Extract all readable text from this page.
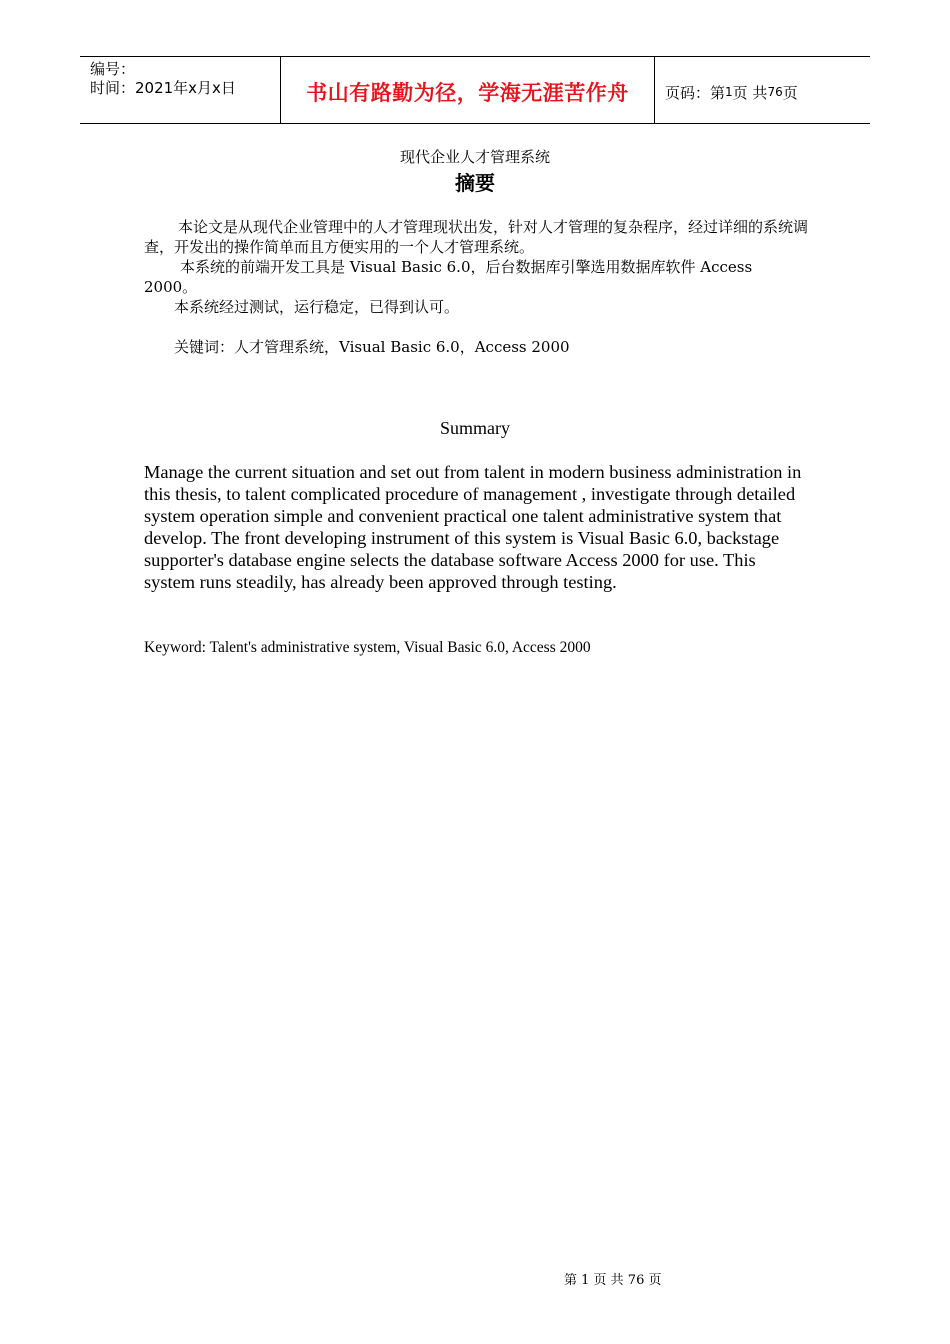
编号：
时间：2021年x月x日	书山有路勤为径，学海无涯苦作舟 页码：第 1 页 共 76 页
现代企业人才管理系统
摘要

本论文是从现代企业管理中的人才管理现状出发，针对人才管理的复杂程序，经过详细的系统调查，开发出的操作简单而且方便实用的一个人才管理系统。

本系统的前端开发工具是 Visual Basic 6.0，后台数据库引擎选用数据库软件 Access 2000。

本系统经过测试，运行稳定，已得到认可。

关键词：人才管理系统，Visual Basic 6.0，Access 2000

Summary

Manage the current situation and set out from talent in modern business administration in this thesis, to talent complicated procedure of management , investigate through detailed system operation simple and convenient practical one talent administrative system that develop. The front developing instrument of this system is Visual Basic 6.0, backstage supporter's database engine selects the database software Access 2000 for use. This system runs steadily, has already been approved through testing.

Keyword: Talent's administrative system, Visual Basic 6.0, Access 2000

第 1 页 共 76 页
